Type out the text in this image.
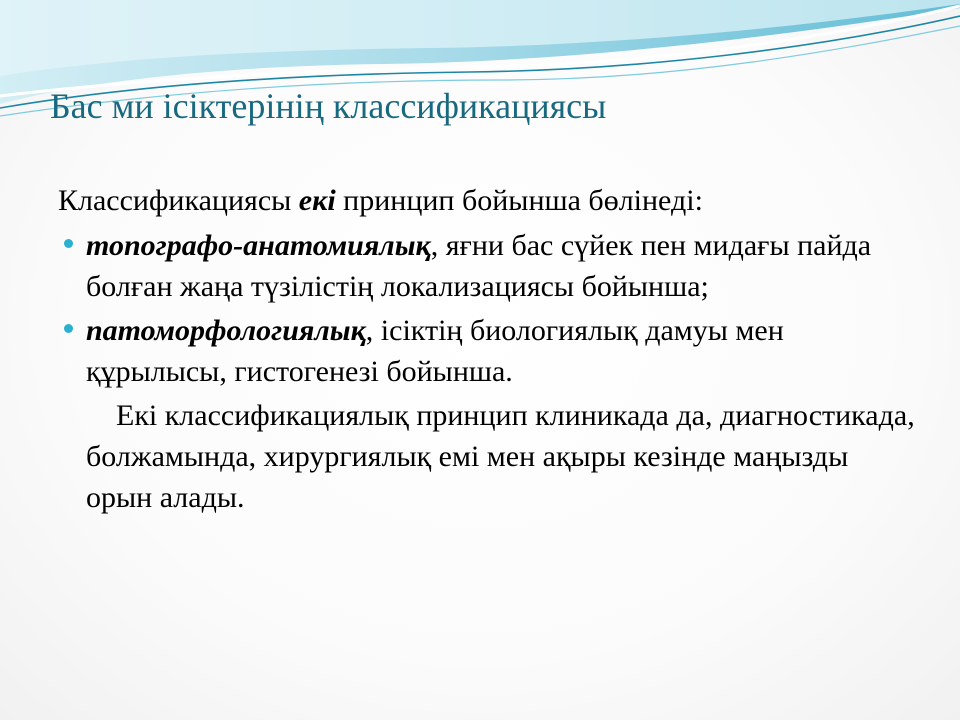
Бас ми ісіктерінің классификациясы
Классификациясы екі принцип бойынша бөлінеді:
топографо-анатомиялық, яғни бас сүйек пен мидағы пайда болған жаңа түзілістің локализациясы бойынша;
патоморфологиялық, ісіктің биологиялық дамуы мен құрылысы, гистогенезі бойынша.
Екі классификациялық принцип клиникада да, диагностикада, болжамында, хирургиялық емі мен ақыры кезінде маңызды орын алады.
